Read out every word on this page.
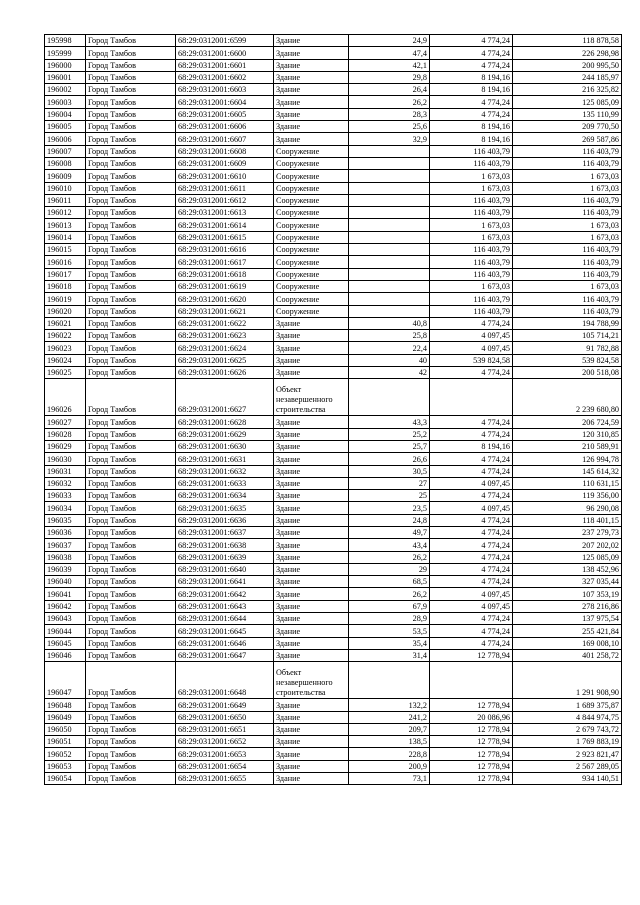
195998	Город Тамбов	68:29:0312001:6599	Здание	24,9	4 774,24	118 878,58
195999	Город Тамбов	68:29:0312001:6600	Здание	47,4	4 774,24	226 298,98
196000	Город Тамбов	68:29:0312001:6601	Здание	42,1	4 774,24	200 995,50
196001	Город Тамбов	68:29:0312001:6602	Здание	29,8	8 194,16	244 185,97
196002	Город Тамбов	68:29:0312001:6603	Здание	26,4	8 194,16	216 325,82
196003	Город Тамбов	68:29:0312001:6604	Здание	26,2	4 774,24	125 085,09
196004	Город Тамбов	68:29:0312001:6605	Здание	28,3	4 774,24	135 110,99
196005	Город Тамбов	68:29:0312001:6606	Здание	25,6	8 194,16	209 770,50
196006	Город Тамбов	68:29:0312001:6607	Здание	32,9	8 194,16	269 587,86
196007	Город Тамбов	68:29:0312001:6608	Сооружение		116 403,79	116 403,79
196008	Город Тамбов	68:29:0312001:6609	Сооружение		116 403,79	116 403,79
196009	Город Тамбов	68:29:0312001:6610	Сооружение		1 673,03	1 673,03
196010	Город Тамбов	68:29:0312001:6611	Сооружение		1 673,03	1 673,03
196011	Город Тамбов	68:29:0312001:6612	Сооружение		116 403,79	116 403,79
196012	Город Тамбов	68:29:0312001:6613	Сооружение		116 403,79	116 403,79
196013	Город Тамбов	68:29:0312001:6614	Сооружение		1 673,03	1 673,03
196014	Город Тамбов	68:29:0312001:6615	Сооружение		1 673,03	1 673,03
196015	Город Тамбов	68:29:0312001:6616	Сооружение		116 403,79	116 403,79
196016	Город Тамбов	68:29:0312001:6617	Сооружение		116 403,79	116 403,79
196017	Город Тамбов	68:29:0312001:6618	Сооружение		116 403,79	116 403,79
196018	Город Тамбов	68:29:0312001:6619	Сооружение		1 673,03	1 673,03
196019	Город Тамбов	68:29:0312001:6620	Сооружение		116 403,79	116 403,79
196020	Город Тамбов	68:29:0312001:6621	Сооружение		116 403,79	116 403,79
196021	Город Тамбов	68:29:0312001:6622	Здание	40,8	4 774,24	194 788,99
196022	Город Тамбов	68:29:0312001:6623	Здание	25,8	4 097,45	105 714,21
196023	Город Тамбов	68:29:0312001:6624	Здание	22,4	4 097,45	91 782,88
196024	Город Тамбов	68:29:0312001:6625	Здание	40	539 824,58	539 824,58
196025	Город Тамбов	68:29:0312001:6626	Здание	42	4 774,24	200 518,08
196026	Город Тамбов	68:29:0312001:6627	Объект незавершенного строительства			2 239 680,80
196027	Город Тамбов	68:29:0312001:6628	Здание	43,3	4 774,24	206 724,59
196028	Город Тамбов	68:29:0312001:6629	Здание	25,2	4 774,24	120 310,85
196029	Город Тамбов	68:29:0312001:6630	Здание	25,7	8 194,16	210 589,91
196030	Город Тамбов	68:29:0312001:6631	Здание	26,6	4 774,24	126 994,78
196031	Город Тамбов	68:29:0312001:6632	Здание	30,5	4 774,24	145 614,32
196032	Город Тамбов	68:29:0312001:6633	Здание	27	4 097,45	110 631,15
196033	Город Тамбов	68:29:0312001:6634	Здание	25	4 774,24	119 356,00
196034	Город Тамбов	68:29:0312001:6635	Здание	23,5	4 097,45	96 290,08
196035	Город Тамбов	68:29:0312001:6636	Здание	24,8	4 774,24	118 401,15
196036	Город Тамбов	68:29:0312001:6637	Здание	49,7	4 774,24	237 279,73
196037	Город Тамбов	68:29:0312001:6638	Здание	43,4	4 774,24	207 202,02
196038	Город Тамбов	68:29:0312001:6639	Здание	26,2	4 774,24	125 085,09
196039	Город Тамбов	68:29:0312001:6640	Здание	29	4 774,24	138 452,96
196040	Город Тамбов	68:29:0312001:6641	Здание	68,5	4 774,24	327 035,44
196041	Город Тамбов	68:29:0312001:6642	Здание	26,2	4 097,45	107 353,19
196042	Город Тамбов	68:29:0312001:6643	Здание	67,9	4 097,45	278 216,86
196043	Город Тамбов	68:29:0312001:6644	Здание	28,9	4 774,24	137 975,54
196044	Город Тамбов	68:29:0312001:6645	Здание	53,5	4 774,24	255 421,84
196045	Город Тамбов	68:29:0312001:6646	Здание	35,4	4 774,24	169 008,10
196046	Город Тамбов	68:29:0312001:6647	Здание	31,4	12 778,94	401 258,72
196047	Город Тамбов	68:29:0312001:6648	Объект незавершенного строительства			1 291 908,90
196048	Город Тамбов	68:29:0312001:6649	Здание	132,2	12 778,94	1 689 375,87
196049	Город Тамбов	68:29:0312001:6650	Здание	241,2	20 086,96	4 844 974,75
196050	Город Тамбов	68:29:0312001:6651	Здание	209,7	12 778,94	2 679 743,72
196051	Город Тамбов	68:29:0312001:6652	Здание	138,5	12 778,94	1 769 883,19
196052	Город Тамбов	68:29:0312001:6653	Здание	228,8	12 778,94	2 923 821,47
196053	Город Тамбов	68:29:0312001:6654	Здание	200,9	12 778,94	2 567 289,05
196054	Город Тамбов	68:29:0312001:6655	Здание	73,1	12 778,94	934 140,51
